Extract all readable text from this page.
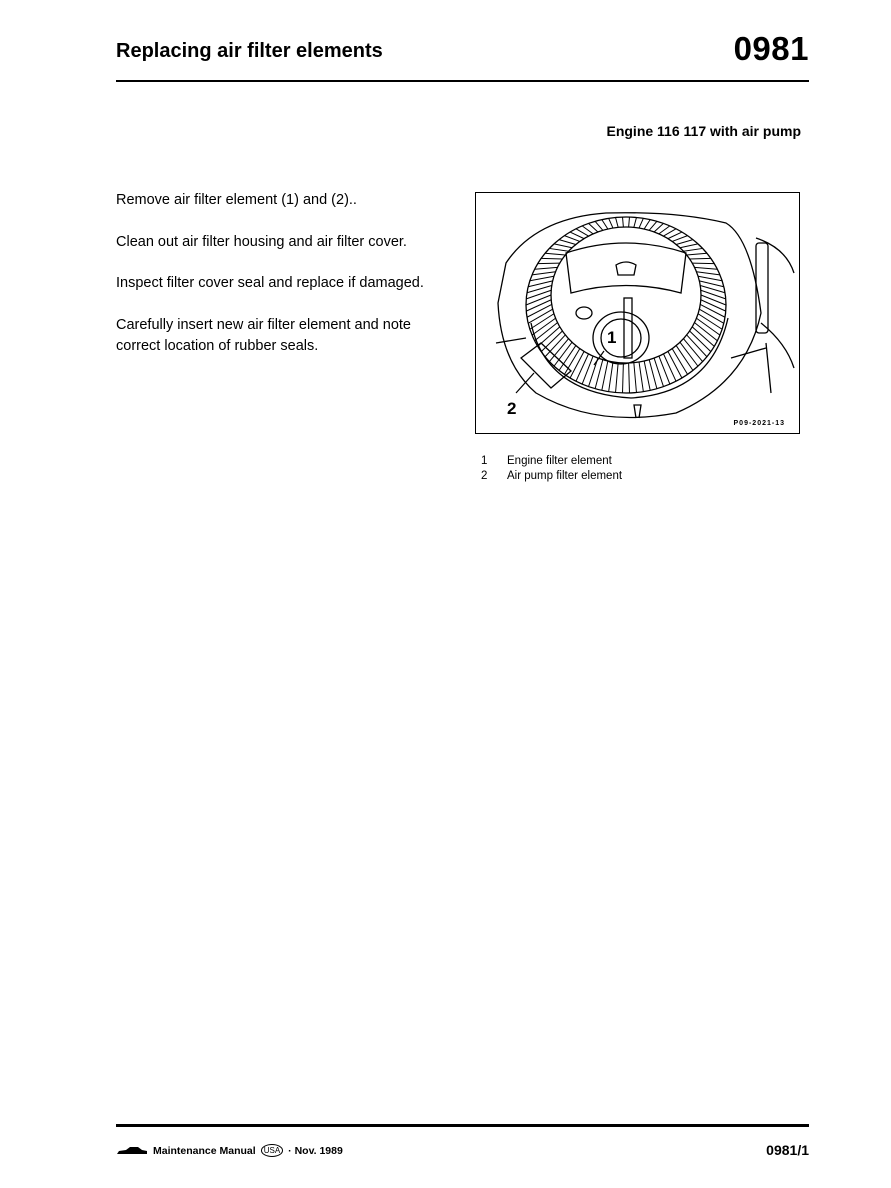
Replacing air filter elements	0981
Engine 116 117 with air pump
Remove air filter element (1) and (2)..
Clean out air filter housing and air filter cover.
Inspect filter cover seal and replace if damaged.
Carefully insert new air filter element and note correct location of rubber seals.	1
2
P09-2021-13
1 Engine filter element
2 Air pump filter element
Maintenance Manual	USA · Nov. 1989	0981/1
